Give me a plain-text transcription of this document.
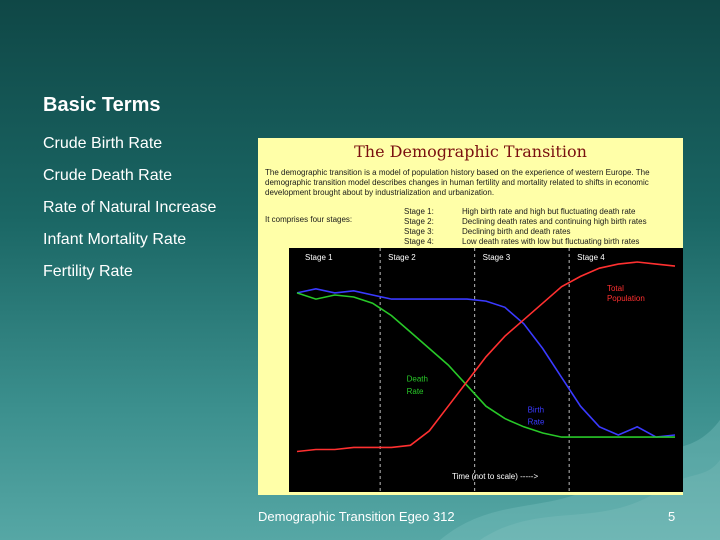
Basic Terms
Crude Birth Rate
Crude Death Rate
Rate of Natural Increase
Infant Mortality Rate
Fertility Rate
The Demographic Transition
The demographic transition is a model of population history based on the experience of western Europe. The demographic transition model describes changes in human fertility and mortality related to shifts in economic development brought about by industrialization and urbanization.
It comprises four stages:
Stage 1:	High birth rate and high but fluctuating death rate
Stage 2:	Declining death rates and continuing high birth rates
Stage 3:	Declining birth and death rates
Stage 4:	Low death rates with low but fluctuating birth rates
Stage 1	Stage 2	Stage 3	Stage 4
Total
Population
Death
Rate
Birth
Rate
Time (not to scale) ----->
Demographic Transition Egeo 312	5
